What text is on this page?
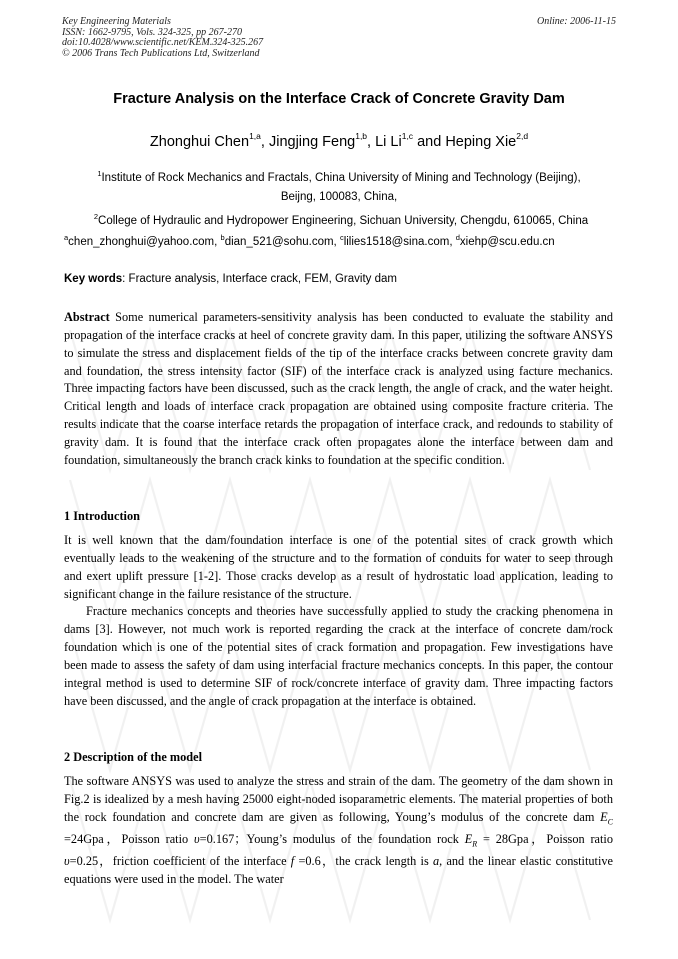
Key Engineering Materials
ISSN: 1662-9795, Vols. 324-325, pp 267-270
doi:10.4028/www.scientific.net/KEM.324-325.267
© 2006 Trans Tech Publications Ltd, Switzerland
Online: 2006-11-15
Fracture Analysis on the Interface Crack of Concrete Gravity Dam
Zhonghui Chen$^{1,a}$, Jingjing Feng$^{1,b}$, Li Li$^{1,c}$ and Heping Xie$^{2,d}$
$^1$Institute of Rock Mechanics and Fractals, China University of Mining and Technology (Beijing),
Beijng, 100083, China,
$^2$College of Hydraulic and Hydropower Engineering, Sichuan University, Chengdu, 610065, China
$^a$chen_zhonghui@yahoo.com, $^b$dian_521@sohu.com, $^c$lilies1518@sina.com, $^d$xiehp@scu.edu.cn
Key words: Fracture analysis, Interface crack, FEM, Gravity dam
Abstract Some numerical parameters-sensitivity analysis has been conducted to evaluate the stability and propagation of the interface cracks at heel of concrete gravity dam. In this paper, utilizing the software ANSYS to simulate the stress and displacement fields of the tip of the interface cracks between concrete gravity dam and foundation, the stress intensity factor (SIF) of the interface crack is analyzed using facture mechanics. Three impacting factors have been discussed, such as the crack length, the angle of crack, and the water height. Critical length and loads of interface crack propagation are obtained using composite fracture criteria. The results indicate that the coarse interface retards the propagation of interface crack, and redounds to stability of gravity dam. It is found that the interface crack often propagates alone the interface between dam and foundation, simultaneously the branch crack kinks to foundation at the specific condition.
1 Introduction
It is well known that the dam/foundation interface is one of the potential sites of crack growth which eventually leads to the weakening of the structure and to the formation of conduits for water to seep through and exert uplift pressure [1-2]. Those cracks develop as a result of hydrostatic load application, leading to significant change in the failure resistance of the structure.
Fracture mechanics concepts and theories have successfully applied to study the cracking phenomena in dams [3]. However, not much work is reported regarding the crack at the interface of concrete dam/rock foundation which is one of the potential sites of crack formation and propagation. Few investigations have been made to assess the safety of dam using interfacial fracture mechanics concepts. In this paper, the contour integral method is used to determine SIF of rock/concrete interface of gravity dam. Three impacting factors have been discussed, and the angle of crack propagation at the interface is obtained.
2 Description of the model
The software ANSYS was used to analyze the stress and strain of the dam. The geometry of the dam shown in Fig.2 is idealized by a mesh having 25000 eight-noded isoparametric elements. The material properties of both the rock foundation and concrete dam are given as following, Young’s modulus of the concrete dam $E_C =24Gpa$，Poisson ratio υ=0.167；Young’s modulus of the foundation rock $E_R = 28Gpa$，Poisson ratio υ=0.25，friction coefficient of the interface f =0.6，the crack length is a, and the linear elastic constitutive equations were used in the model. The water
